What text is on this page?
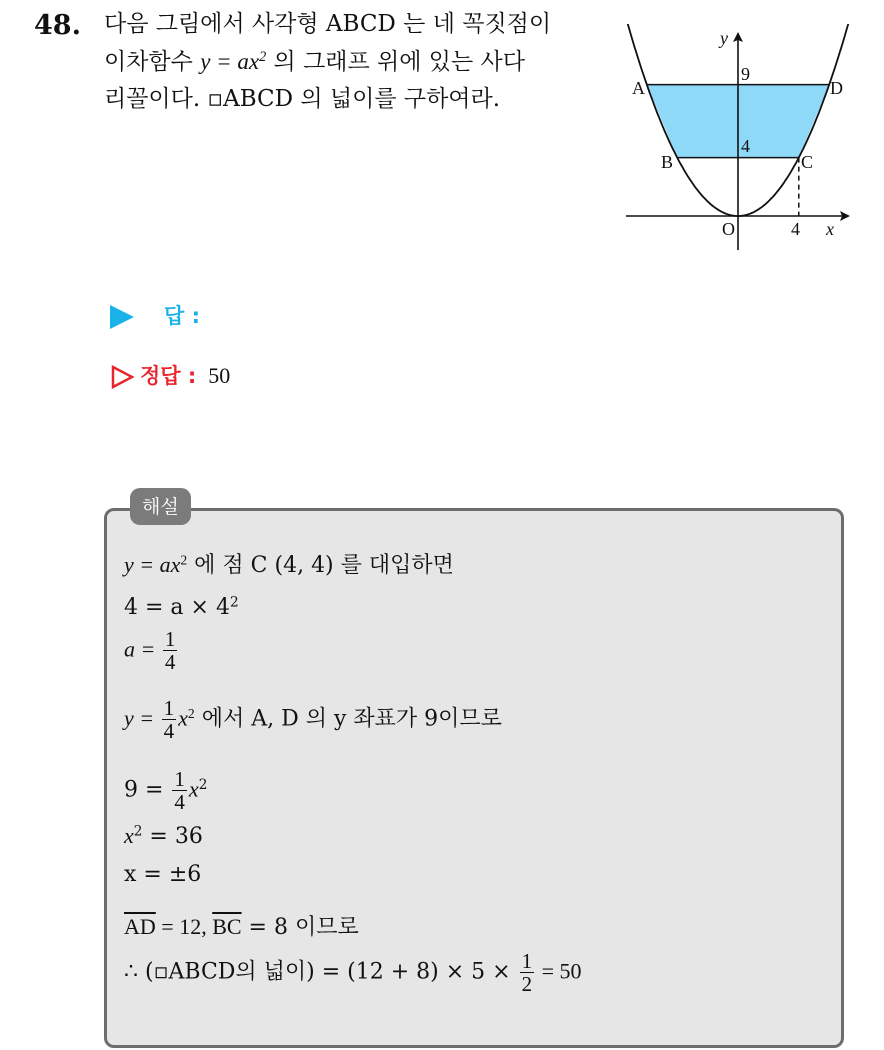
48. 다음 그림에서 사각형 ABCD 는 네 꼭짓점이
이차함수 $y = ax^2$ 의 그래프 위에 있는 사다
리꼴이다. ▫ABCD 의 넓이를 구하여라.
y
x
O
9
4
4
A	D
B	C
답 :
정답 : 50
해설
$y = ax^2$ 에 점 C (4, 4) 를 대입하면
$4 = a \times 4^2$
$a = \frac{1}{4}$
$y = \frac{1}{4} x^2$ 에서 A, D 의 y 좌표가 9이므로
$9 = \frac{1}{4} x^2$
$x^2 = 36$
x = ±6
$\overline{AD} = 12$, $\overline{BC} = 8$ 이므로
∴ (▫ABCD의 넓이) = $(12 + 8) \times 5 \times \frac{1}{2} = 50$
